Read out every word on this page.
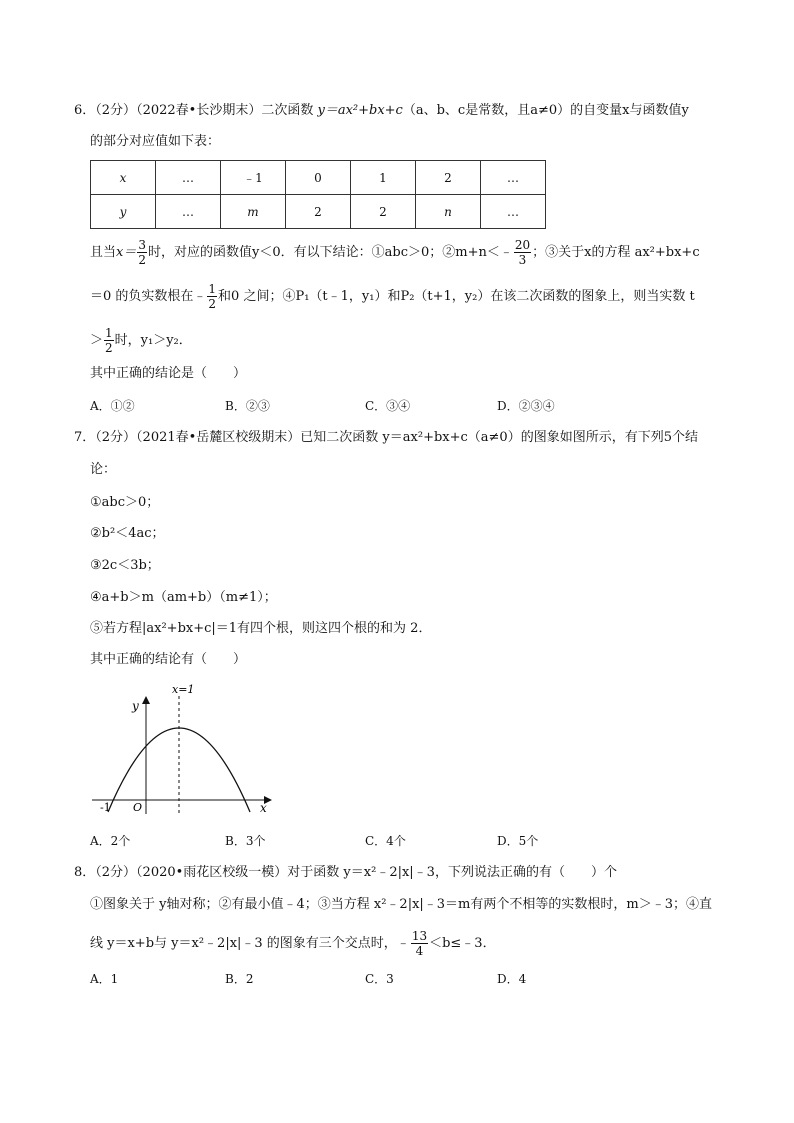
6．（2分）（2022春•长沙期末）二次函数 y＝ax²+bx+c（a、b、c是常数，且a≠0）的自变量x与函数值y
的部分对应值如下表：
x	…	﹣1	0	1	2	…
y	…	m	2	2	n	…
且当$x= \frac{3}{2}$ 时，对应的函数值y＜0．有以下结论：①abc＞0；②m+n＜﹣ $\frac{20}{3}$ ；③关于x的方程 ax²+bx+c
＝0 的负实数根在﹣ $\frac{1}{2}$ 和0 之间；④P₁（t﹣1，y₁）和P₂（t+1，y₂）在该二次函数的图象上，则当实数 t
＞ $\frac{1}{2}$ 时，y₁＞y₂．
其中正确的结论是（　　）
A．①②	B．②③	C．③④	D．②③④
7．（2分）（2021春•岳麓区校级期末）已知二次函数 y＝ax²+bx+c（a≠0）的图象如图所示，有下列5个结
论：
①abc＞0；
②b²＜4ac；
③2c＜3b；
④a+b＞m（am+b）（m≠1）；
⑤若方程|ax²+bx+c|＝1有四个根，则这四个根的和为 2．
其中正确的结论有（　　）
x=1
y
x
O
-1
A．2个	B．3个	C．4个	D．5个
8．（2分）（2020•雨花区校级一模）对于函数 y＝x²﹣2|x|﹣3，下列说法正确的有（　　）个
①图象关于 y轴对称；②有最小值﹣4；③当方程 x²﹣2|x|﹣3＝m有两个不相等的实数根时，m＞﹣3；④直
线 y＝x+b与 y＝x²﹣2|x|﹣3 的图象有三个交点时，﹣ $\frac{13}{4}$ ＜b≤﹣3．
A．1	B．2	C．3	D．4
